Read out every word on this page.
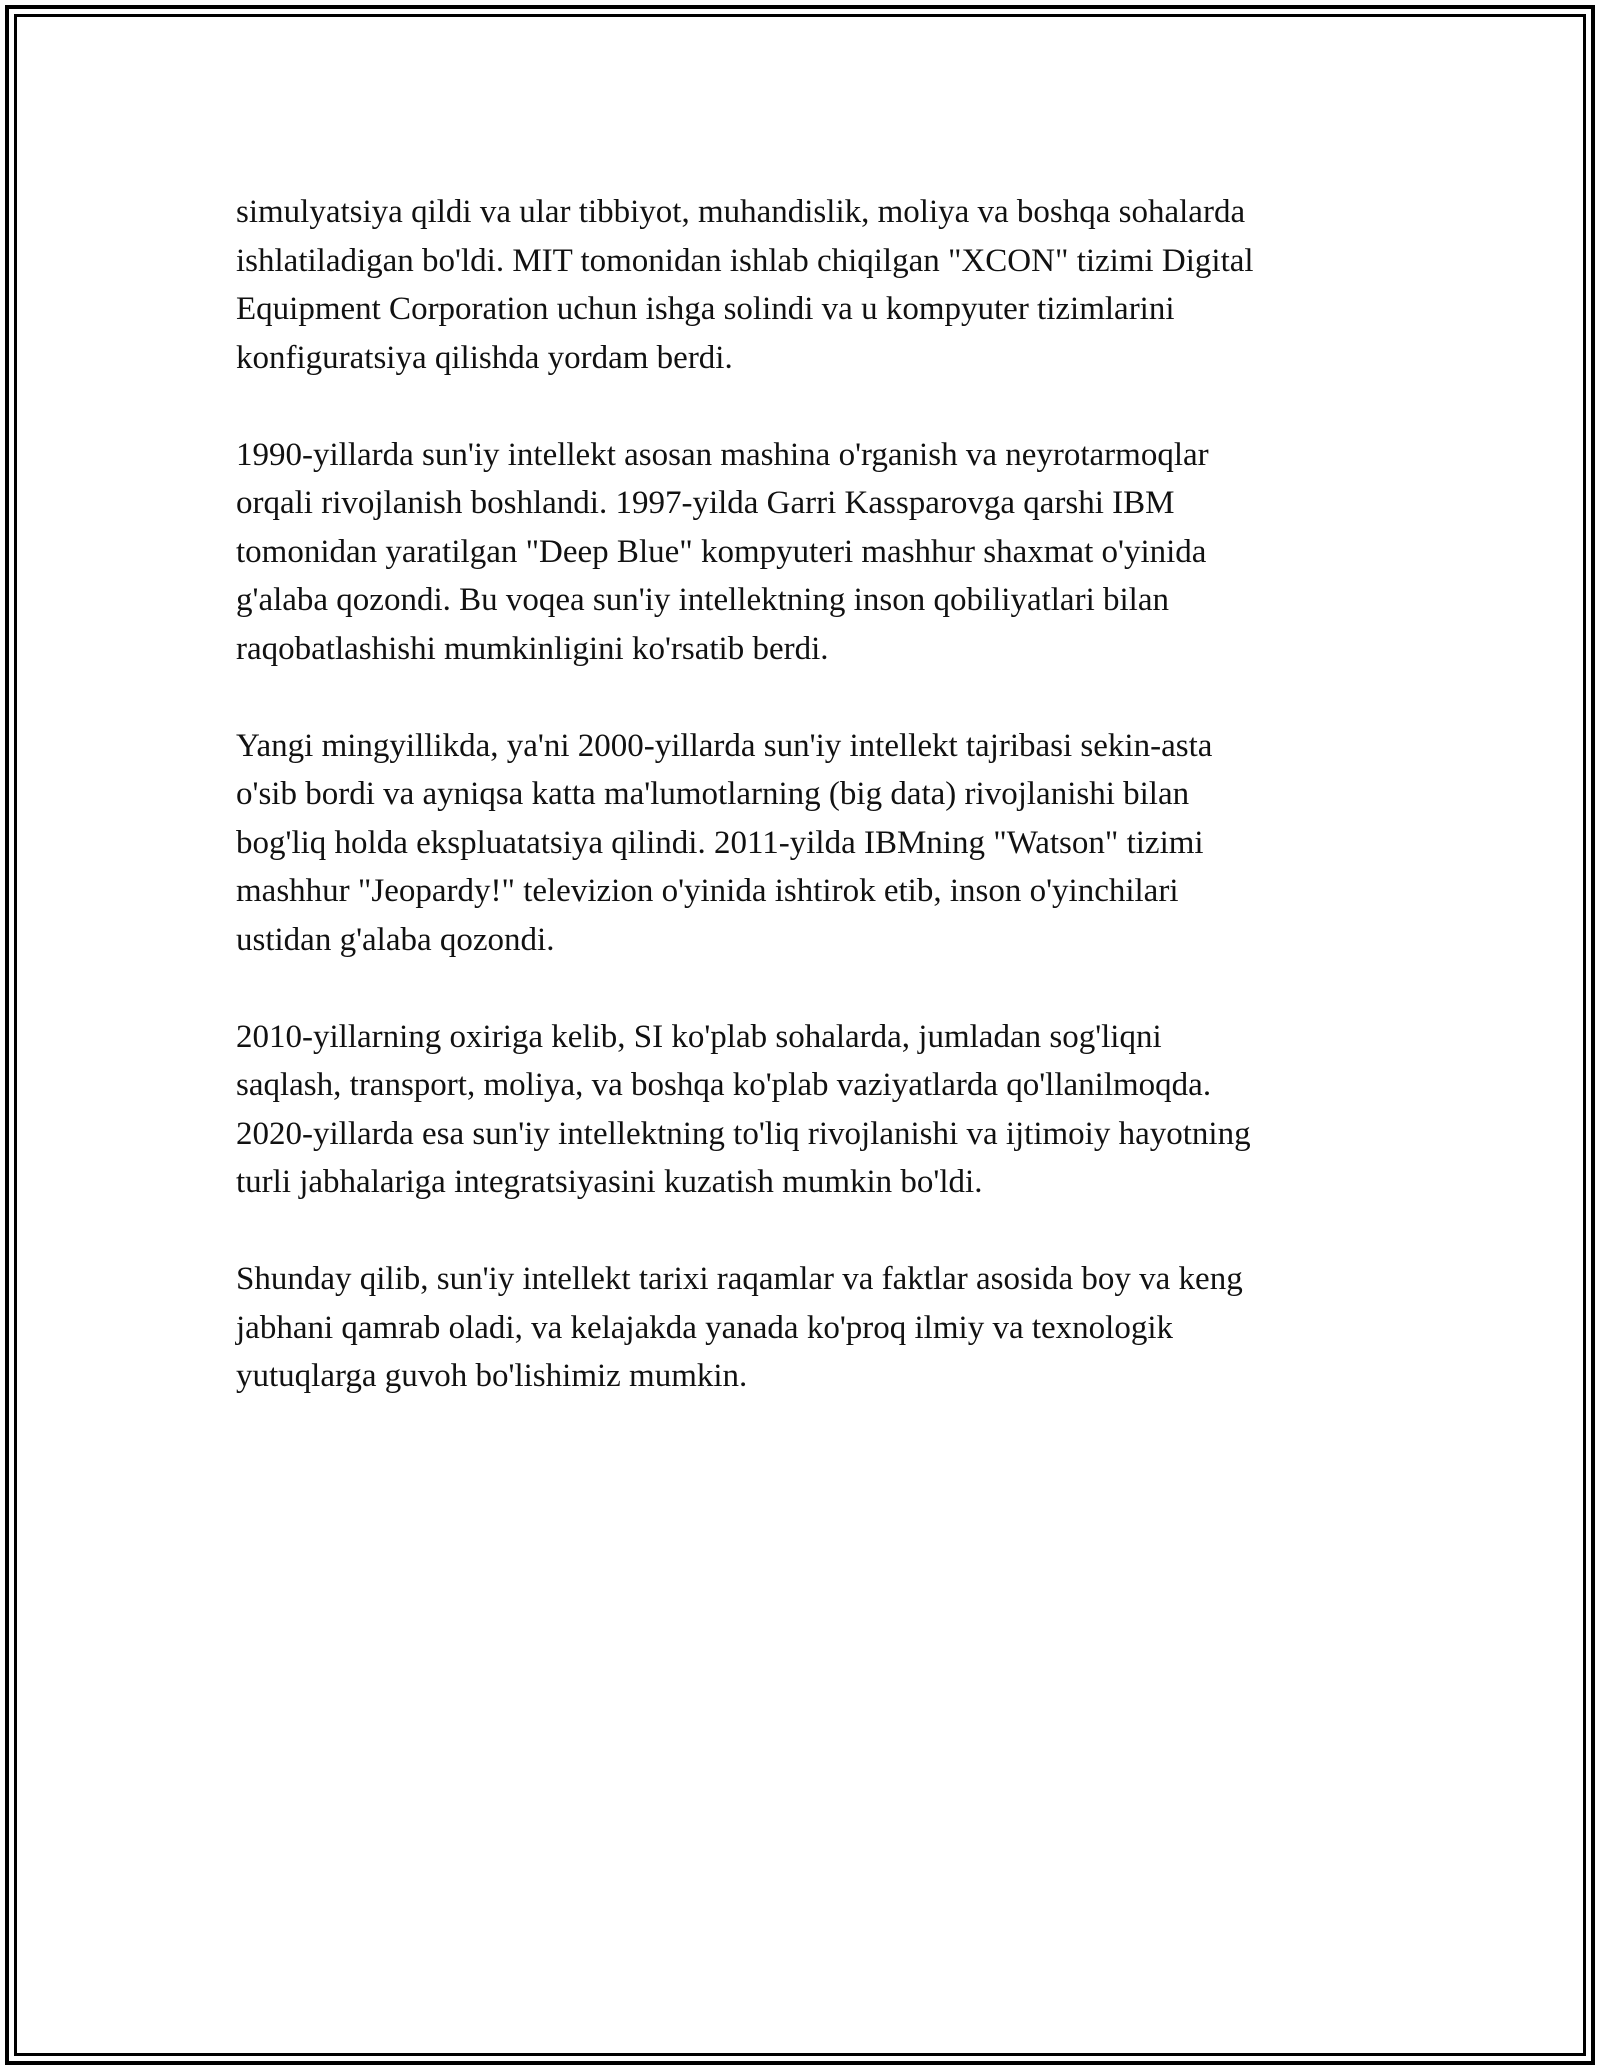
simulyatsiya qildi va ular tibbiyot, muhandislik, moliya va boshqa sohalarda
ishlatiladigan bo'ldi. MIT tomonidan ishlab chiqilgan "XCON" tizimi Digital
Equipment Corporation uchun ishga solindi va u kompyuter tizimlarini
konfiguratsiya qilishda yordam berdi.

1990-yillarda sun'iy intellekt asosan mashina o'rganish va neyrotarmoqlar
orqali rivojlanish boshlandi. 1997-yilda Garri Kassparovga qarshi IBM
tomonidan yaratilgan "Deep Blue" kompyuteri mashhur shaxmat o'yinida
g'alaba qozondi. Bu voqea sun'iy intellektning inson qobiliyatlari bilan
raqobatlashishi mumkinligini ko'rsatib berdi.

Yangi mingyillikda, ya'ni 2000-yillarda sun'iy intellekt tajribasi sekin-asta
o'sib bordi va ayniqsa katta ma'lumotlarning (big data) rivojlanishi bilan
bog'liq holda ekspluatatsiya qilindi. 2011-yilda IBMning "Watson" tizimi
mashhur "Jeopardy!" televizion o'yinida ishtirok etib, inson o'yinchilari
ustidan g'alaba qozondi.

2010-yillarning oxiriga kelib, SI ko'plab sohalarda, jumladan sog'liqni
saqlash, transport, moliya, va boshqa ko'plab vaziyatlarda qo'llanilmoqda.
2020-yillarda esa sun'iy intellektning to'liq rivojlanishi va ijtimoiy hayotning
turli jabhalariga integratsiyasini kuzatish mumkin bo'ldi.

Shunday qilib, sun'iy intellekt tarixi raqamlar va faktlar asosida boy va keng
jabhani qamrab oladi, va kelajakda yanada ko'proq ilmiy va texnologik
yutuqlarga guvoh bo'lishimiz mumkin.
